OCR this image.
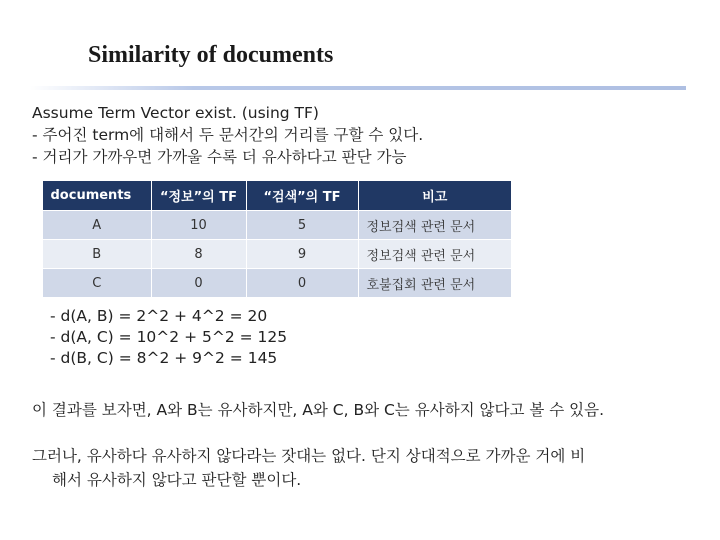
Similarity of documents
Assume Term Vector exist. (using TF)
- 주어진 term에 대해서 두 문서간의 거리를 구할 수 있다.
- 거리가 가까우면 가까울 수록 더 유사하다고 판단 가능
documents	“정보”의 TF	“검색”의 TF	비고
A	10	5	정보검색 관련 문서
B	8	9	정보검색 관련 문서
C	0	0	호불집회 관련 문서
- d(A, B) = 2^2 + 4^2 = 20
- d(A, C) = 10^2 + 5^2 = 125
- d(B, C) = 8^2 + 9^2 = 145
이 결과를 보자면, A와 B는 유사하지만, A와 C, B와 C는 유사하지 않다고 볼 수 있음.
그러나, 유사하다 유사하지 않다라는 잣대는 없다. 단지 상대적으로 가까운 거에 비
해서 유사하지 않다고 판단할 뿐이다.
